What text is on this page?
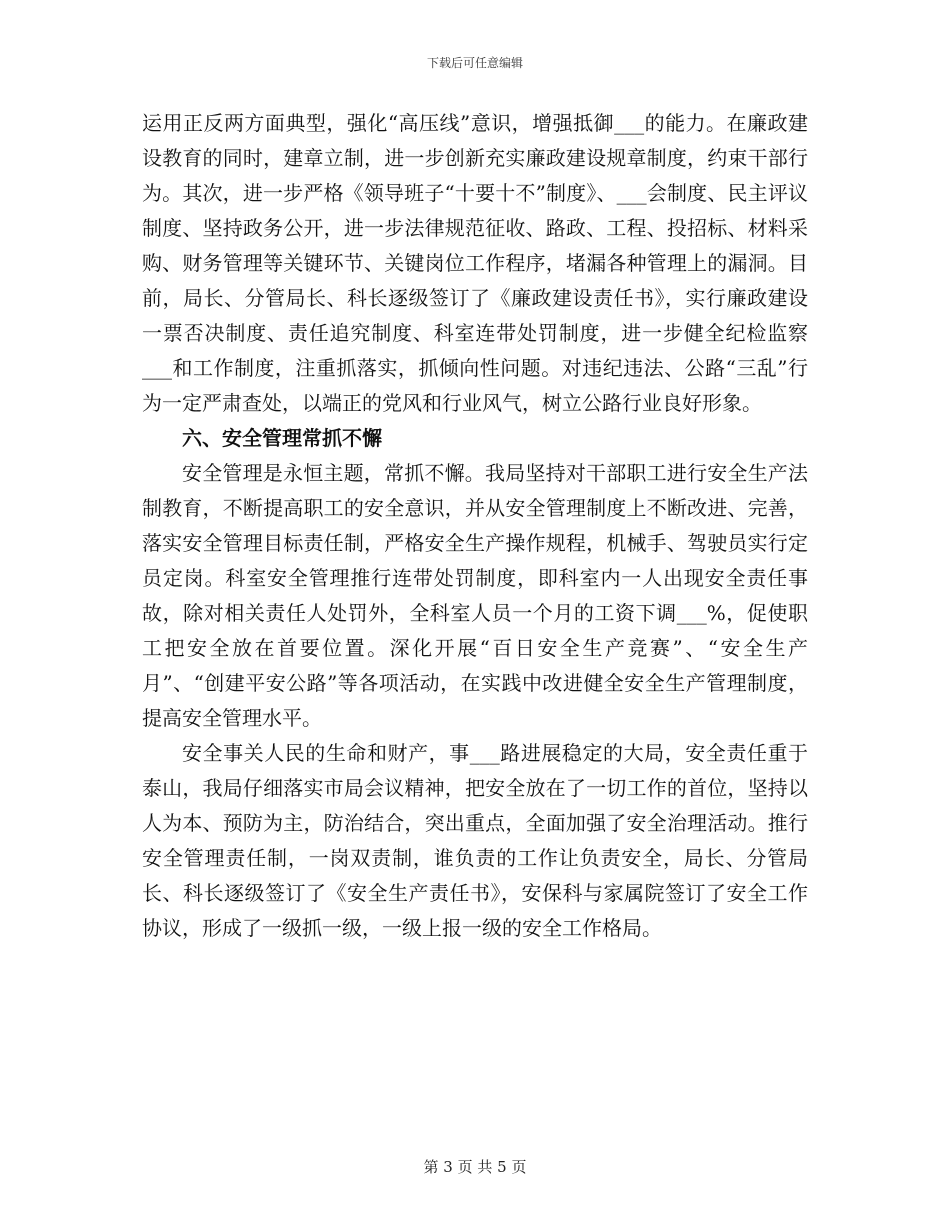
下载后可任意编辑

运用正反两方面典型，强化“高压线”意识，增强抵御___的能力。在廉政建设教育的同时，建章立制，进一步创新充实廉政建设规章制度，约束干部行为。其次，进一步严格《领导班子“十要十不”制度》、___会制度、民主评议制度、坚持政务公开，进一步法律规范征收、路政、工程、投招标、材料采购、财务管理等关键环节、关键岗位工作程序，堵漏各种管理上的漏洞。目前，局长、分管局长、科长逐级签订了《廉政建设责任书》，实行廉政建设一票否决制度、责任追究制度、科室连带处罚制度，进一步健全纪检监察___和工作制度，注重抓落实，抓倾向性问题。对违纪违法、公路“三乱”行为一定严肃查处，以端正的党风和行业风气，树立公路行业良好形象。

六、安全管理常抓不懈

安全管理是永恒主题，常抓不懈。我局坚持对干部职工进行安全生产法制教育，不断提高职工的安全意识，并从安全管理制度上不断改进、完善，落实安全管理目标责任制，严格安全生产操作规程，机械手、驾驶员实行定员定岗。科室安全管理推行连带处罚制度，即科室内一人出现安全责任事故，除对相关责任人处罚外，全科室人员一个月的工资下调___%，促使职工把安全放在首要位置。深化开展“百日安全生产竞赛”、“安全生产月”、“创建平安公路”等各项活动，在实践中改进健全安全生产管理制度，提高安全管理水平。

安全事关人民的生命和财产，事___路进展稳定的大局，安全责任重于泰山，我局仔细落实市局会议精神，把安全放在了一切工作的首位，坚持以人为本、预防为主，防治结合，突出重点，全面加强了安全治理活动。推行安全管理责任制，一岗双责制，谁负责的工作让负责安全，局长、分管局长、科长逐级签订了《安全生产责任书》，安保科与家属院签订了安全工作协议，形成了一级抓一级，一级上报一级的安全工作格局。

第 3 页 共 5 页
